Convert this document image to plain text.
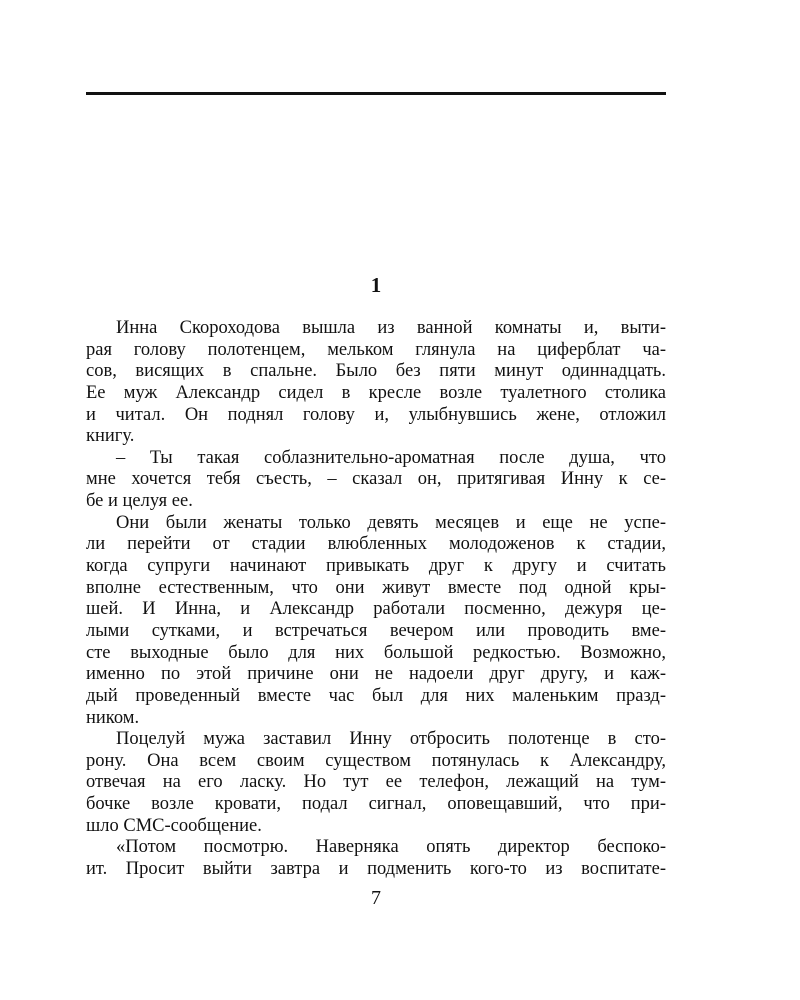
1
Инна Скороходова вышла из ванной комнаты и, выти-
рая голову полотенцем, мельком глянула на циферблат ча-
сов, висящих в спальне. Было без пяти минут одиннадцать.
Ее муж Александр сидел в кресле возле туалетного столика
и читал. Он поднял голову и, улыбнувшись жене, отложил
книгу.
– Ты такая соблазнительно-ароматная после душа, что
мне хочется тебя съесть, – сказал он, притягивая Инну к се-
бе и целуя ее.
Они были женаты только девять месяцев и еще не успе-
ли перейти от стадии влюбленных молодоженов к стадии,
когда супруги начинают привыкать друг к другу и считать
вполне естественным, что они живут вместе под одной кры-
шей. И Инна, и Александр работали посменно, дежуря це-
лыми сутками, и встречаться вечером или проводить вме-
сте выходные было для них большой редкостью. Возможно,
именно по этой причине они не надоели друг другу, и каж-
дый проведенный вместе час был для них маленьким празд-
ником.
Поцелуй мужа заставил Инну отбросить полотенце в сто-
рону. Она всем своим существом потянулась к Александру,
отвечая на его ласку. Но тут ее телефон, лежащий на тум-
бочке возле кровати, подал сигнал, оповещавший, что при-
шло СМС-сообщение.
«Потом посмотрю. Наверняка опять директор беспоко-
ит. Просит выйти завтра и подменить кого-то из воспитате-
7
